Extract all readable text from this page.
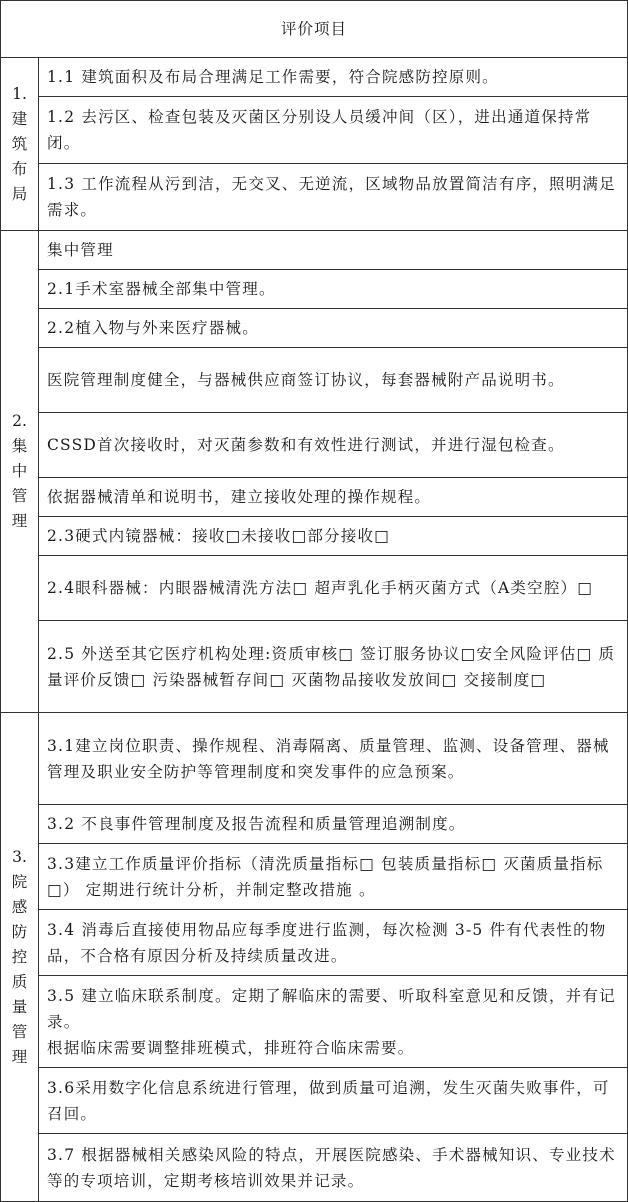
评价项目	
1.建筑布局	1.1 建筑面积及布局合理满足工作需要，符合院感防控原则。
	1.2 去污区、检查包装及灭菌区分别设人员缓冲间（区），进出通道保持常闭。
	1.3 工作流程从污到洁，无交叉、无逆流，区域物品放置简洁有序，照明满足需求。
2.集中管理	集中管理
	2.1手术室器械全部集中管理。
	2.2植入物与外来医疗器械。
	医院管理制度健全，与器械供应商签订协议，每套器械附产品说明书。
	CSSD首次接收时，对灭菌参数和有效性进行测试，并进行湿包检查。
	依据器械清单和说明书，建立接收处理的操作规程。
	2.3硬式内镜器械：接收□未接收□部分接收□
	2.4眼科器械：内眼器械清洗方法□ 超声乳化手柄灭菌方式（A类空腔）□
	2.5 外送至其它医疗机构处理:资质审核□ 签订服务协议□安全风险评估□ 质量评价反馈□ 污染器械暂存间□ 灭菌物品接收发放间□ 交接制度□
3.院感防控质量管理	3.1建立岗位职责、操作规程、消毒隔离、质量管理、监测、设备管理、器械管理及职业安全防护等管理制度和突发事件的应急预案。
	3.2 不良事件管理制度及报告流程和质量管理追溯制度。
	3.3建立工作质量评价指标（清洗质量指标□ 包装质量指标□ 灭菌质量指标□） 定期进行统计分析，并制定整改措施 。
	3.4 消毒后直接使用物品应每季度进行监测，每次检测 3-5 件有代表性的物品，不合格有原因分析及持续质量改进。

	3.5 建立临床联系制度。定期了解临床的需要、听取科室意见和反馈，并有记录。

根据临床需要调整排班模式，排班符合临床需要。

	3.6采用数字化信息系统进行管理，做到质量可追溯，发生灭菌失败事件，可召回。
	3.7 根据器械相关感染风险的特点，开展医院感染、手术器械知识、专业技术等的专项培训，定期考核培训效果并记录。
